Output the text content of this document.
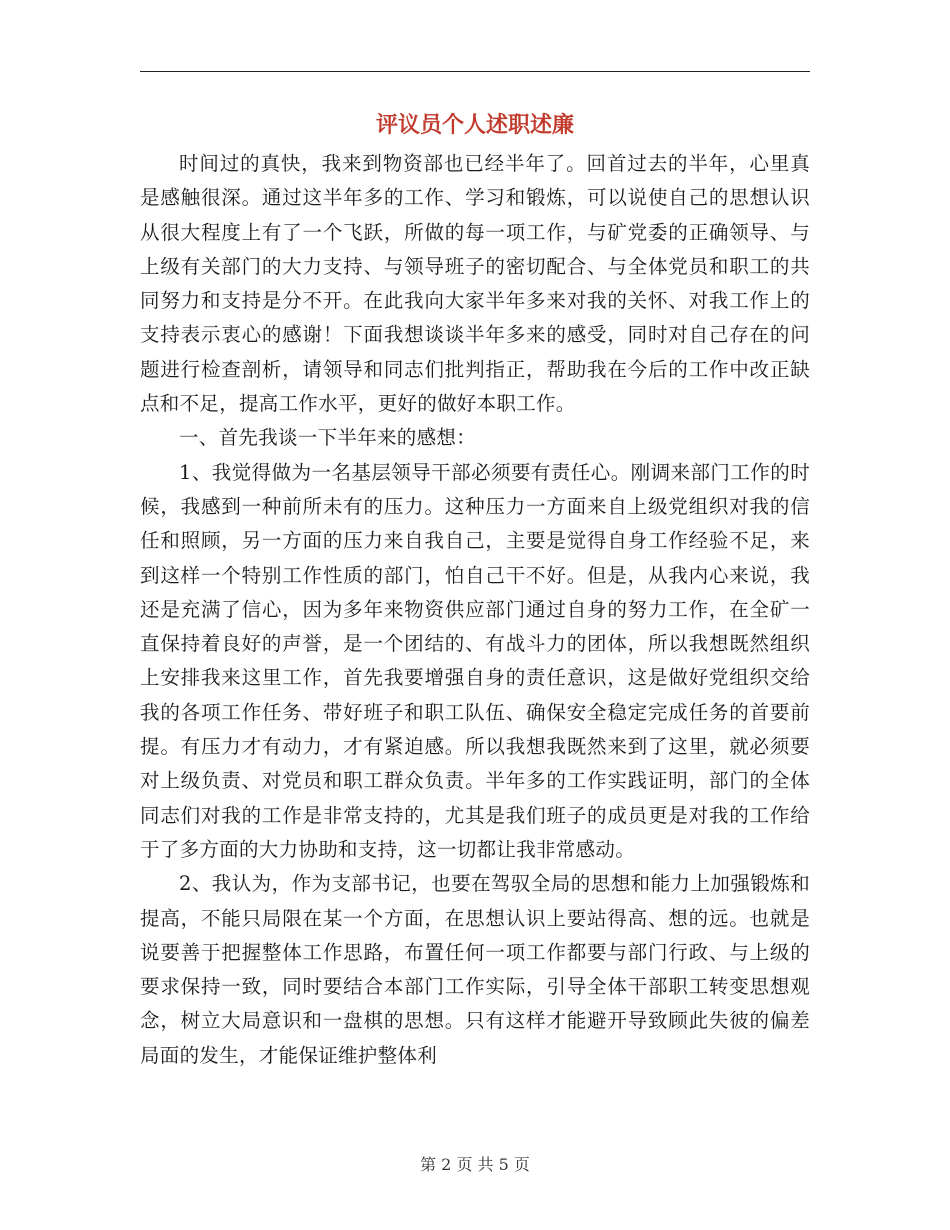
评议员个人述职述廉

时间过的真快，我来到物资部也已经半年了。回首过去的半年，心里真是感触很深。通过这半年多的工作、学习和锻炼，可以说使自己的思想认识从很大程度上有了一个飞跃，所做的每一项工作，与矿党委的正确领导、与上级有关部门的大力支持、与领导班子的密切配合、与全体党员和职工的共同努力和支持是分不开。在此我向大家半年多来对我的关怀、对我工作上的支持表示衷心的感谢！下面我想谈谈半年多来的感受，同时对自己存在的问题进行检查剖析，请领导和同志们批判指正，帮助我在今后的工作中改正缺点和不足，提高工作水平，更好的做好本职工作。

一、首先我谈一下半年来的感想：

1、我觉得做为一名基层领导干部必须要有责任心。刚调来部门工作的时候，我感到一种前所未有的压力。这种压力一方面来自上级党组织对我的信任和照顾，另一方面的压力来自我自己，主要是觉得自身工作经验不足，来到这样一个特别工作性质的部门，怕自己干不好。但是，从我内心来说，我还是充满了信心，因为多年来物资供应部门通过自身的努力工作，在全矿一直保持着良好的声誉，是一个团结的、有战斗力的团体，所以我想既然组织上安排我来这里工作，首先我要增强自身的责任意识，这是做好党组织交给我的各项工作任务、带好班子和职工队伍、确保安全稳定完成任务的首要前提。有压力才有动力，才有紧迫感。所以我想我既然来到了这里，就必须要对上级负责、对党员和职工群众负责。半年多的工作实践证明，部门的全体同志们对我的工作是非常支持的，尤其是我们班子的成员更是对我的工作给于了多方面的大力协助和支持，这一切都让我非常感动。

2、我认为，作为支部书记，也要在驾驭全局的思想和能力上加强锻炼和提高，不能只局限在某一个方面，在思想认识上要站得高、想的远。也就是说要善于把握整体工作思路，布置任何一项工作都要与部门行政、与上级的要求保持一致，同时要结合本部门工作实际，引导全体干部职工转变思想观念，树立大局意识和一盘棋的思想。只有这样才能避开导致顾此失彼的偏差局面的发生，才能保证维护整体利

第 2 页 共 5 页
